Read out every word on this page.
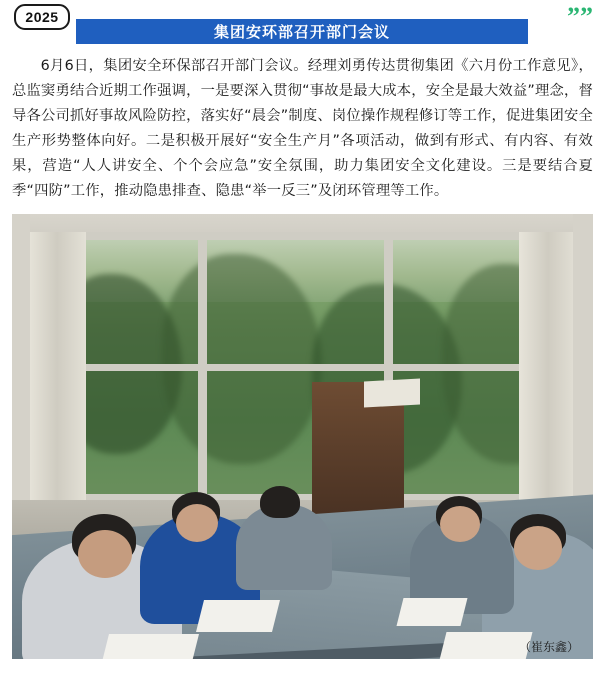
2025	””
集团安环部召开部门会议

6月6日，集团安全环保部召开部门会议。经理刘勇传达贯彻集团《六月份工作意见》，总监窦勇结合近期工作强调，一是要深入贯彻“事故是最大成本，安全是最大效益”理念，督导各公司抓好事故风险防控，落实好“晨会”制度、岗位操作规程修订等工作，促进集团安全生产形势整体向好。二是积极开展好“安全生产月”各项活动，做到有形式、有内容、有效果，营造“人人讲安全、个个会应急”安全氛围，助力集团安全文化建设。三是要结合夏季“四防”工作，推动隐患排查、隐患“举一反三”及闭环管理等工作。

（崔东鑫）
